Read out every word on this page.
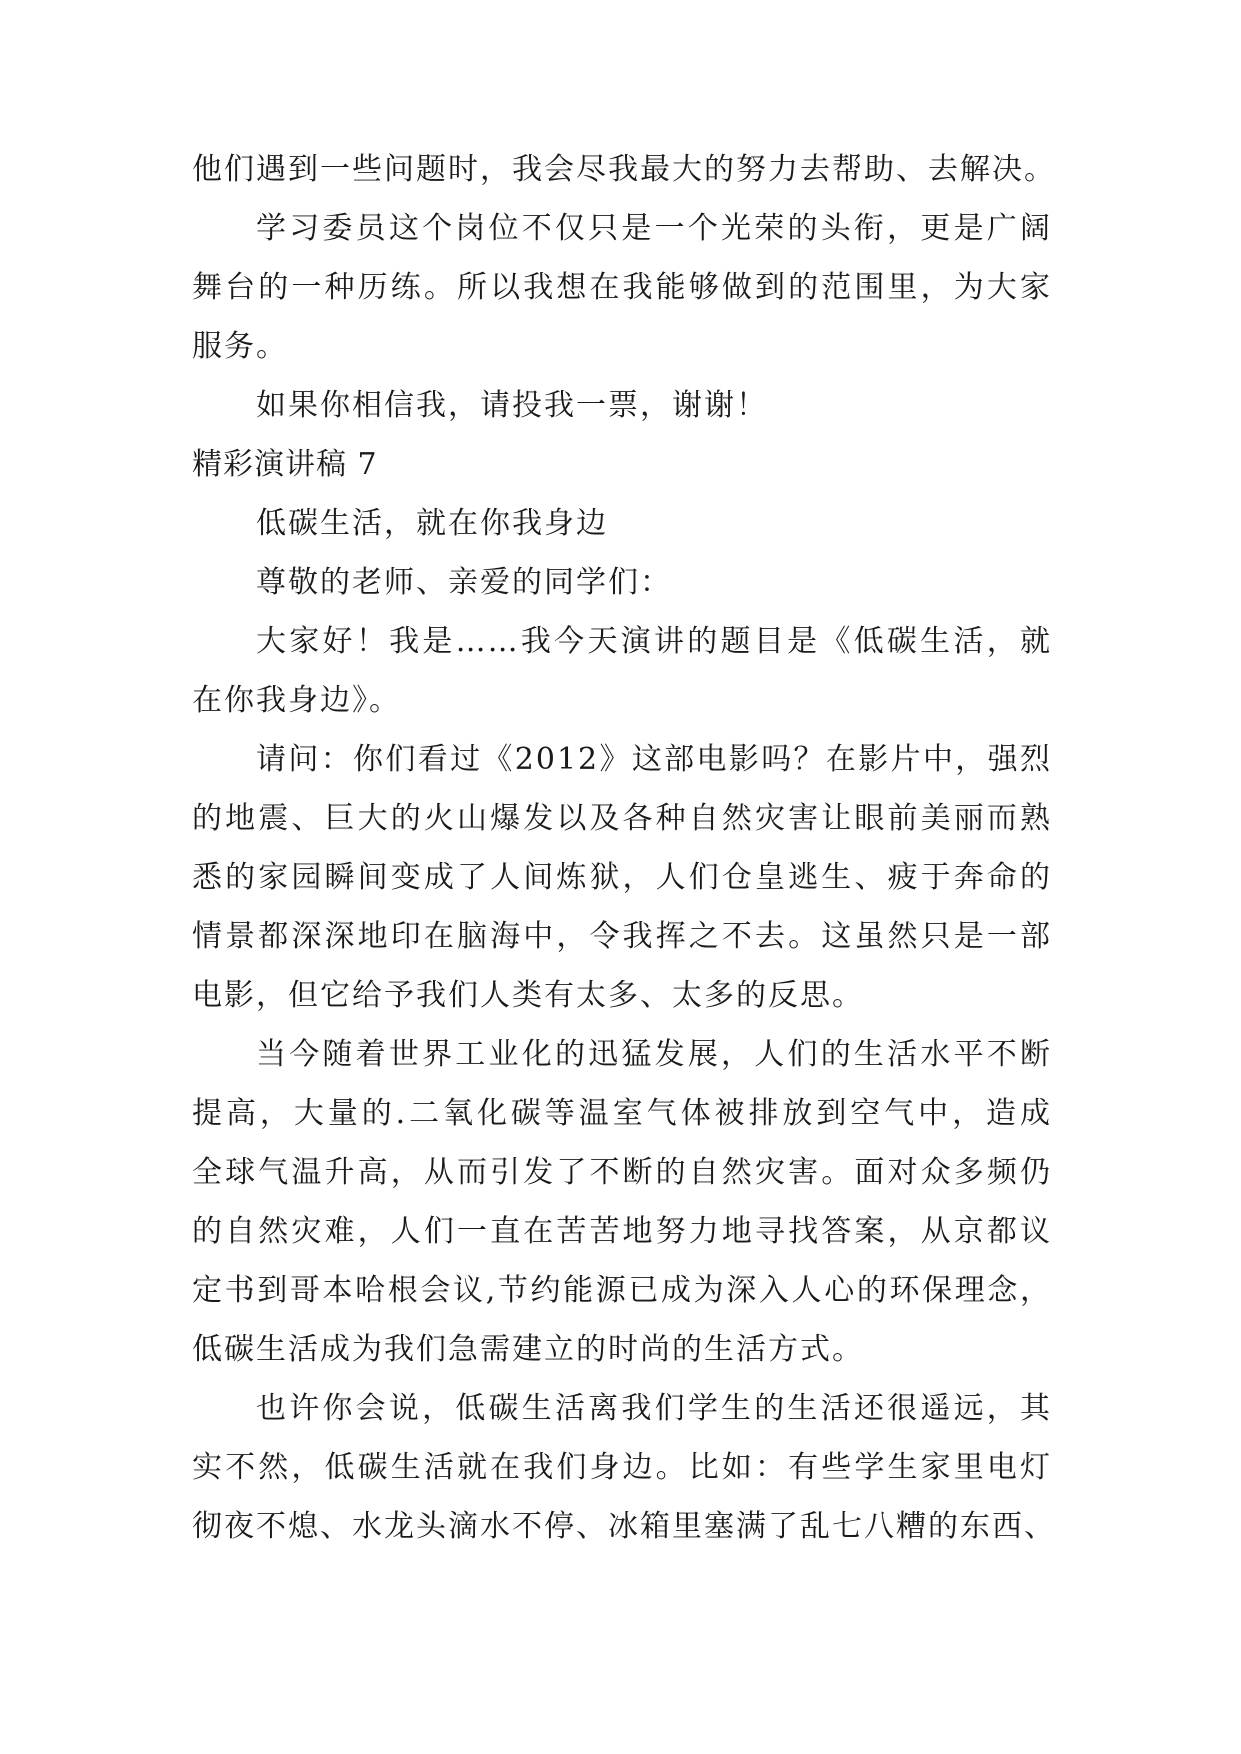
他们遇到一些问题时，我会尽我最大的努力去帮助、去解决。
学习委员这个岗位不仅只是一个光荣的头衔，更是广阔
舞台的一种历练。所以我想在我能够做到的范围里，为大家
服务。
如果你相信我，请投我一票，谢谢！
精彩演讲稿 7
低碳生活，就在你我身边
尊敬的老师、亲爱的同学们：
大家好！我是……我今天演讲的题目是《低碳生活，就
在你我身边》。
请问：你们看过《2012》这部电影吗？在影片中，强烈
的地震、巨大的火山爆发以及各种自然灾害让眼前美丽而熟
悉的家园瞬间变成了人间炼狱，人们仓皇逃生、疲于奔命的
情景都深深地印在脑海中，令我挥之不去。这虽然只是一部
电影，但它给予我们人类有太多、太多的反思。
当今随着世界工业化的迅猛发展，人们的生活水平不断
提高，大量的.二氧化碳等温室气体被排放到空气中，造成
全球气温升高，从而引发了不断的自然灾害。面对众多频仍
的自然灾难，人们一直在苦苦地努力地寻找答案，从京都议
定书到哥本哈根会议,节约能源已成为深入人心的环保理念，
低碳生活成为我们急需建立的时尚的生活方式。
也许你会说，低碳生活离我们学生的生活还很遥远，其
实不然，低碳生活就在我们身边。比如：有些学生家里电灯
彻夜不熄、水龙头滴水不停、冰箱里塞满了乱七八糟的东西、
